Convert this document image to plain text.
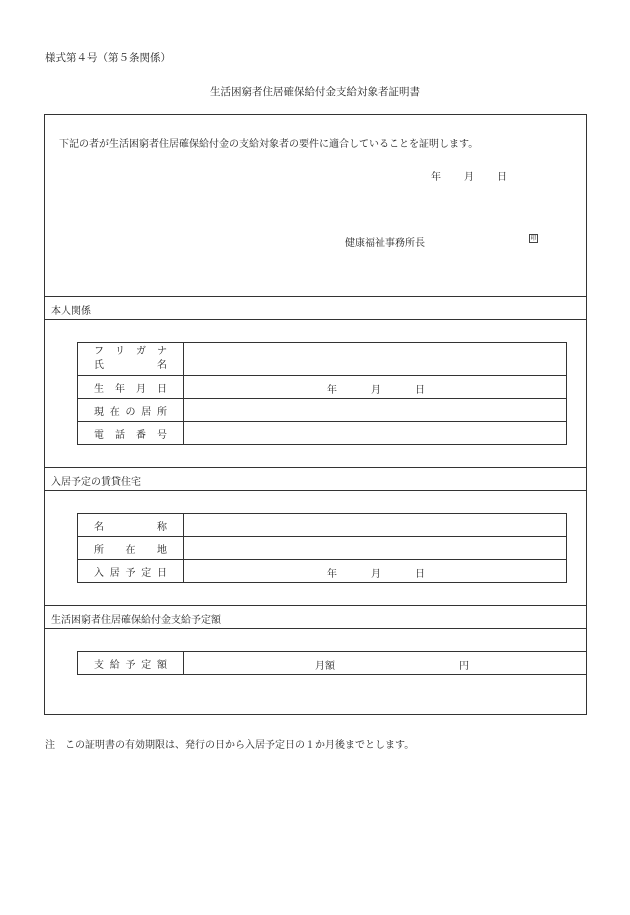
様式第４号（第５条関係）
生活困窮者住居確保給付金支給対象者証明書
下記の者が生活困窮者住居確保給付金の支給対象者の要件に適合していることを証明します。
年 月 日
健康福祉事務所長	印
本人関係
フ リ ガ ナ
氏 名	

生 年 月 日	年 月 日

現 在 の 居 所	
電 話 番 号	
入居予定の賃貸住宅
名 称	
所 在 地	
入 居 予 定 日	年 月 日
生活困窮者住居確保給付金支給予定額
支 給 予 定 額	月額	円
注　この証明書の有効期限は、発行の日から入居予定日の１か月後までとします。
